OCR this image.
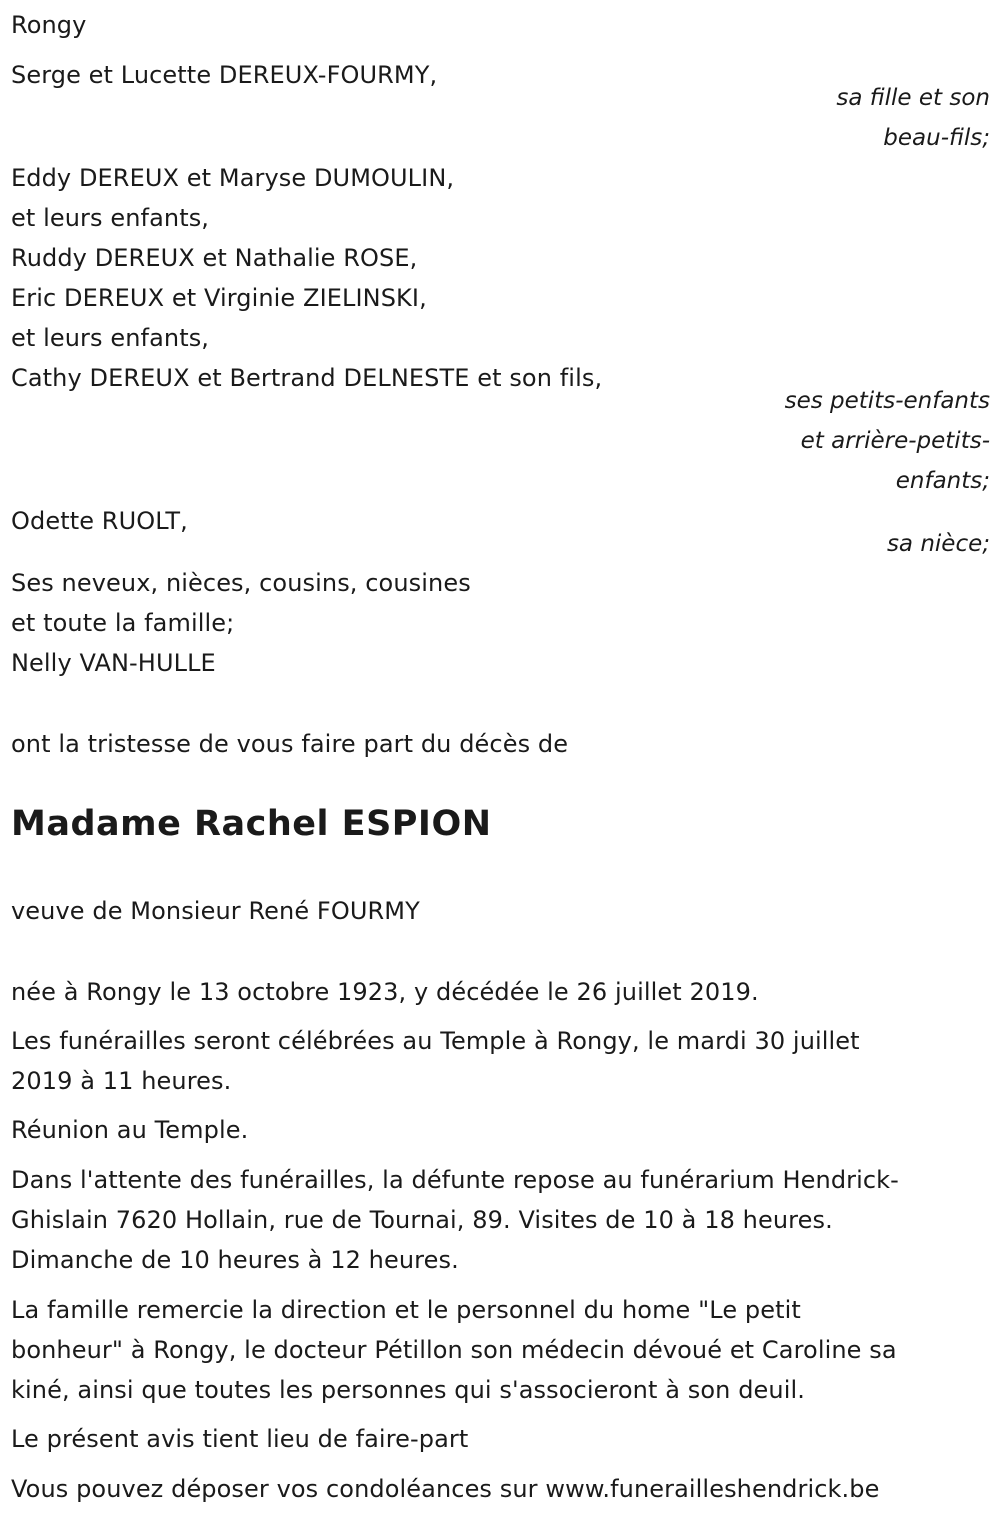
Rongy
Serge et Lucette DEREUX-FOURMY,
sa fille et son
beau-fils;
Eddy DEREUX et Maryse DUMOULIN,
et leurs enfants,
Ruddy DEREUX et Nathalie ROSE,
Eric DEREUX et Virginie ZIELINSKI,
et leurs enfants,
Cathy DEREUX et Bertrand DELNESTE et son fils,
ses petits-enfants
et arrière-petits-
enfants;
Odette RUOLT,
sa nièce;
Ses neveux, nièces, cousins, cousines
et toute la famille;
Nelly VAN-HULLE
ont la tristesse de vous faire part du décès de
Madame Rachel ESPION
veuve de Monsieur René FOURMY
née à Rongy le 13 octobre 1923, y décédée le 26 juillet 2019.
Les funérailles seront célébrées au Temple à Rongy, le mardi 30 juillet
2019 à 11 heures.
Réunion au Temple.
Dans l'attente des funérailles, la défunte repose au funérarium Hendrick-
Ghislain 7620 Hollain, rue de Tournai, 89. Visites de 10 à 18 heures.
Dimanche de 10 heures à 12 heures.
La famille remercie la direction et le personnel du home "Le petit
bonheur" à Rongy, le docteur Pétillon son médecin dévoué et Caroline sa
kiné, ainsi que toutes les personnes qui s'associeront à son deuil.
Le présent avis tient lieu de faire-part
Vous pouvez déposer vos condoléances sur www.funerailleshendrick.be
